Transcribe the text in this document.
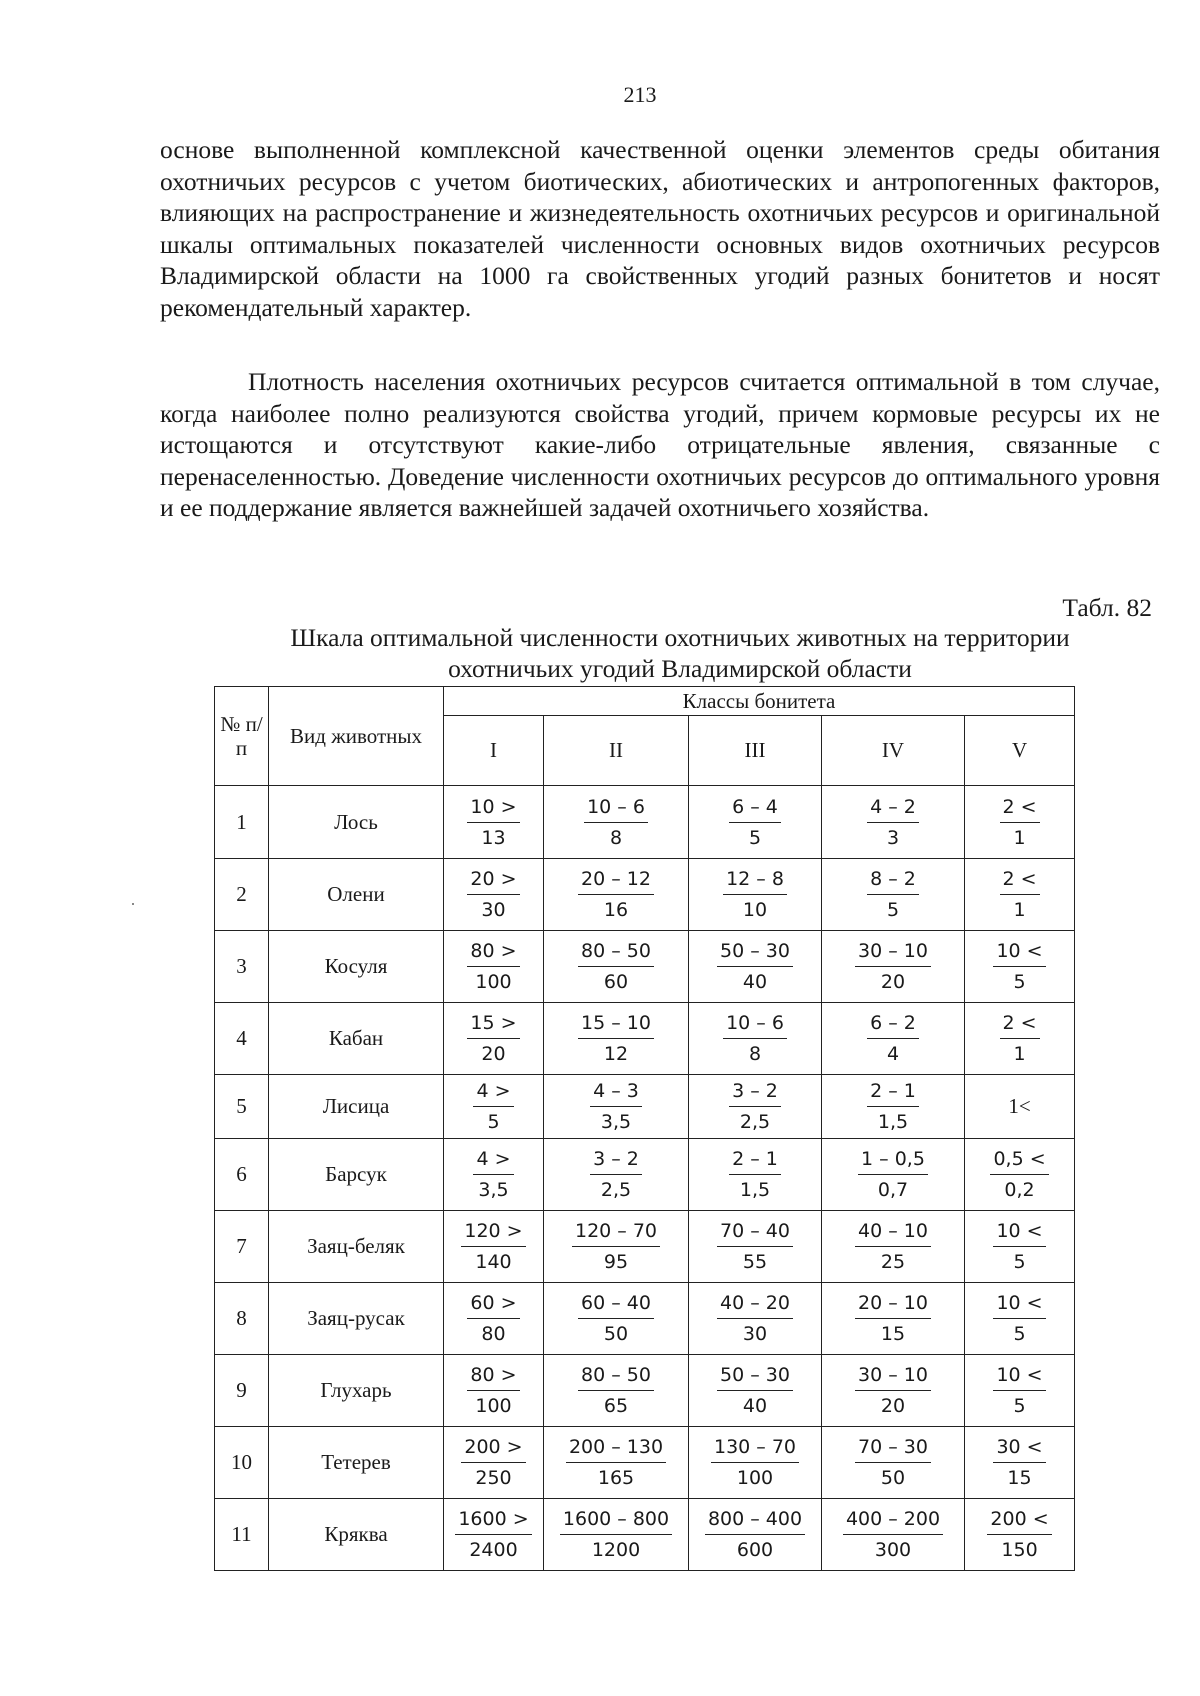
213

основе выполненной комплексной качественной оценки элементов среды обитания охотничьих ресурсов с учетом биотических, абиотических и антропогенных факторов, влияющих на распространение и жизнедеятельность охотничьих ресурсов и оригинальной шкалы оптимальных показателей численности основных видов охотничьих ресурсов Владимирской области на 1000 га свойственных угодий разных бонитетов и носят рекомендательный характер.

Плотность населения охотничьих ресурсов считается оптимальной в том случае, когда наиболее полно реализуются свойства угодий, причем кормовые ресурсы их не истощаются и отсутствуют какие-либо отрицательные явления, связанные с перенаселенностью. Доведение численности охотничьих ресурсов до оптимального уровня и ее поддержание является важнейшей задачей охотничьего хозяйства.

Табл. 82
Шкала оптимальной численности охотничьих животных на территории
охотничьих угодий Владимирской области
№ п/п	Вид животных	Классы бонитета				
		I	II	III	IV	V
1	Лось	$\frac{10 >}{13}$	$\frac{10 - 6}{8}$	$\frac{6 - 4}{5}$	$\frac{4 - 2}{3}$	$\frac{2 <}{1}$

2	Олени	$\frac{20 >}{30}$	$\frac{20 - 12}{16}$	$\frac{12 - 8}{10}$	$\frac{8 - 2}{5}$	$\frac{2 <}{1}$

3	Косуля	$\frac{80 >}{100}$	$\frac{80 - 50}{60}$	$\frac{50 - 30}{40}$	$\frac{30 - 10}{20}$	$\frac{10 <}{5}$

4	Кабан	$\frac{15 >}{20}$	$\frac{15 - 10}{12}$	$\frac{10 - 6}{8}$	$\frac{6 - 2}{4}$	$\frac{2 <}{1}$

5	Лисица	$\frac{4 >}{5}$	$\frac{4 - 3}{3,5}$	$\frac{3 - 2}{2,5}$	$\frac{2 - 1}{1,5}$	1<
6	Барсук	$\frac{4 >}{3,5}$	$\frac{3 - 2}{2,5}$	$\frac{2 - 1}{1,5}$	$\frac{1 - 0,5}{0,7}$	$\frac{0,5 <}{0,2}$

7	Заяц-беляк	$\frac{120 >}{140}$	$\frac{120 - 70}{95}$	$\frac{70 - 40}{55}$	$\frac{40 - 10}{25}$	$\frac{10 <}{5}$

8	Заяц-русак	$\frac{60 >}{80}$	$\frac{60 - 40}{50}$	$\frac{40 - 20}{30}$	$\frac{20 - 10}{15}$	$\frac{10 <}{5}$

9	Глухарь	$\frac{80 >}{100}$	$\frac{80 - 50}{65}$	$\frac{50 - 30}{40}$	$\frac{30 - 10}{20}$	$\frac{10 <}{5}$

10	Тетерев	$\frac{200 >}{250}$	$\frac{200 - 130}{165}$	$\frac{130 - 70}{100}$	$\frac{70 - 30}{50}$	$\frac{30 <}{15}$

11	Кряква	$\frac{1600 >}{2400}$	$\frac{1600 - 800}{1200}$	$\frac{800 - 400}{600}$	$\frac{400 - 200}{300}$	$\frac{200 <}{150}$
